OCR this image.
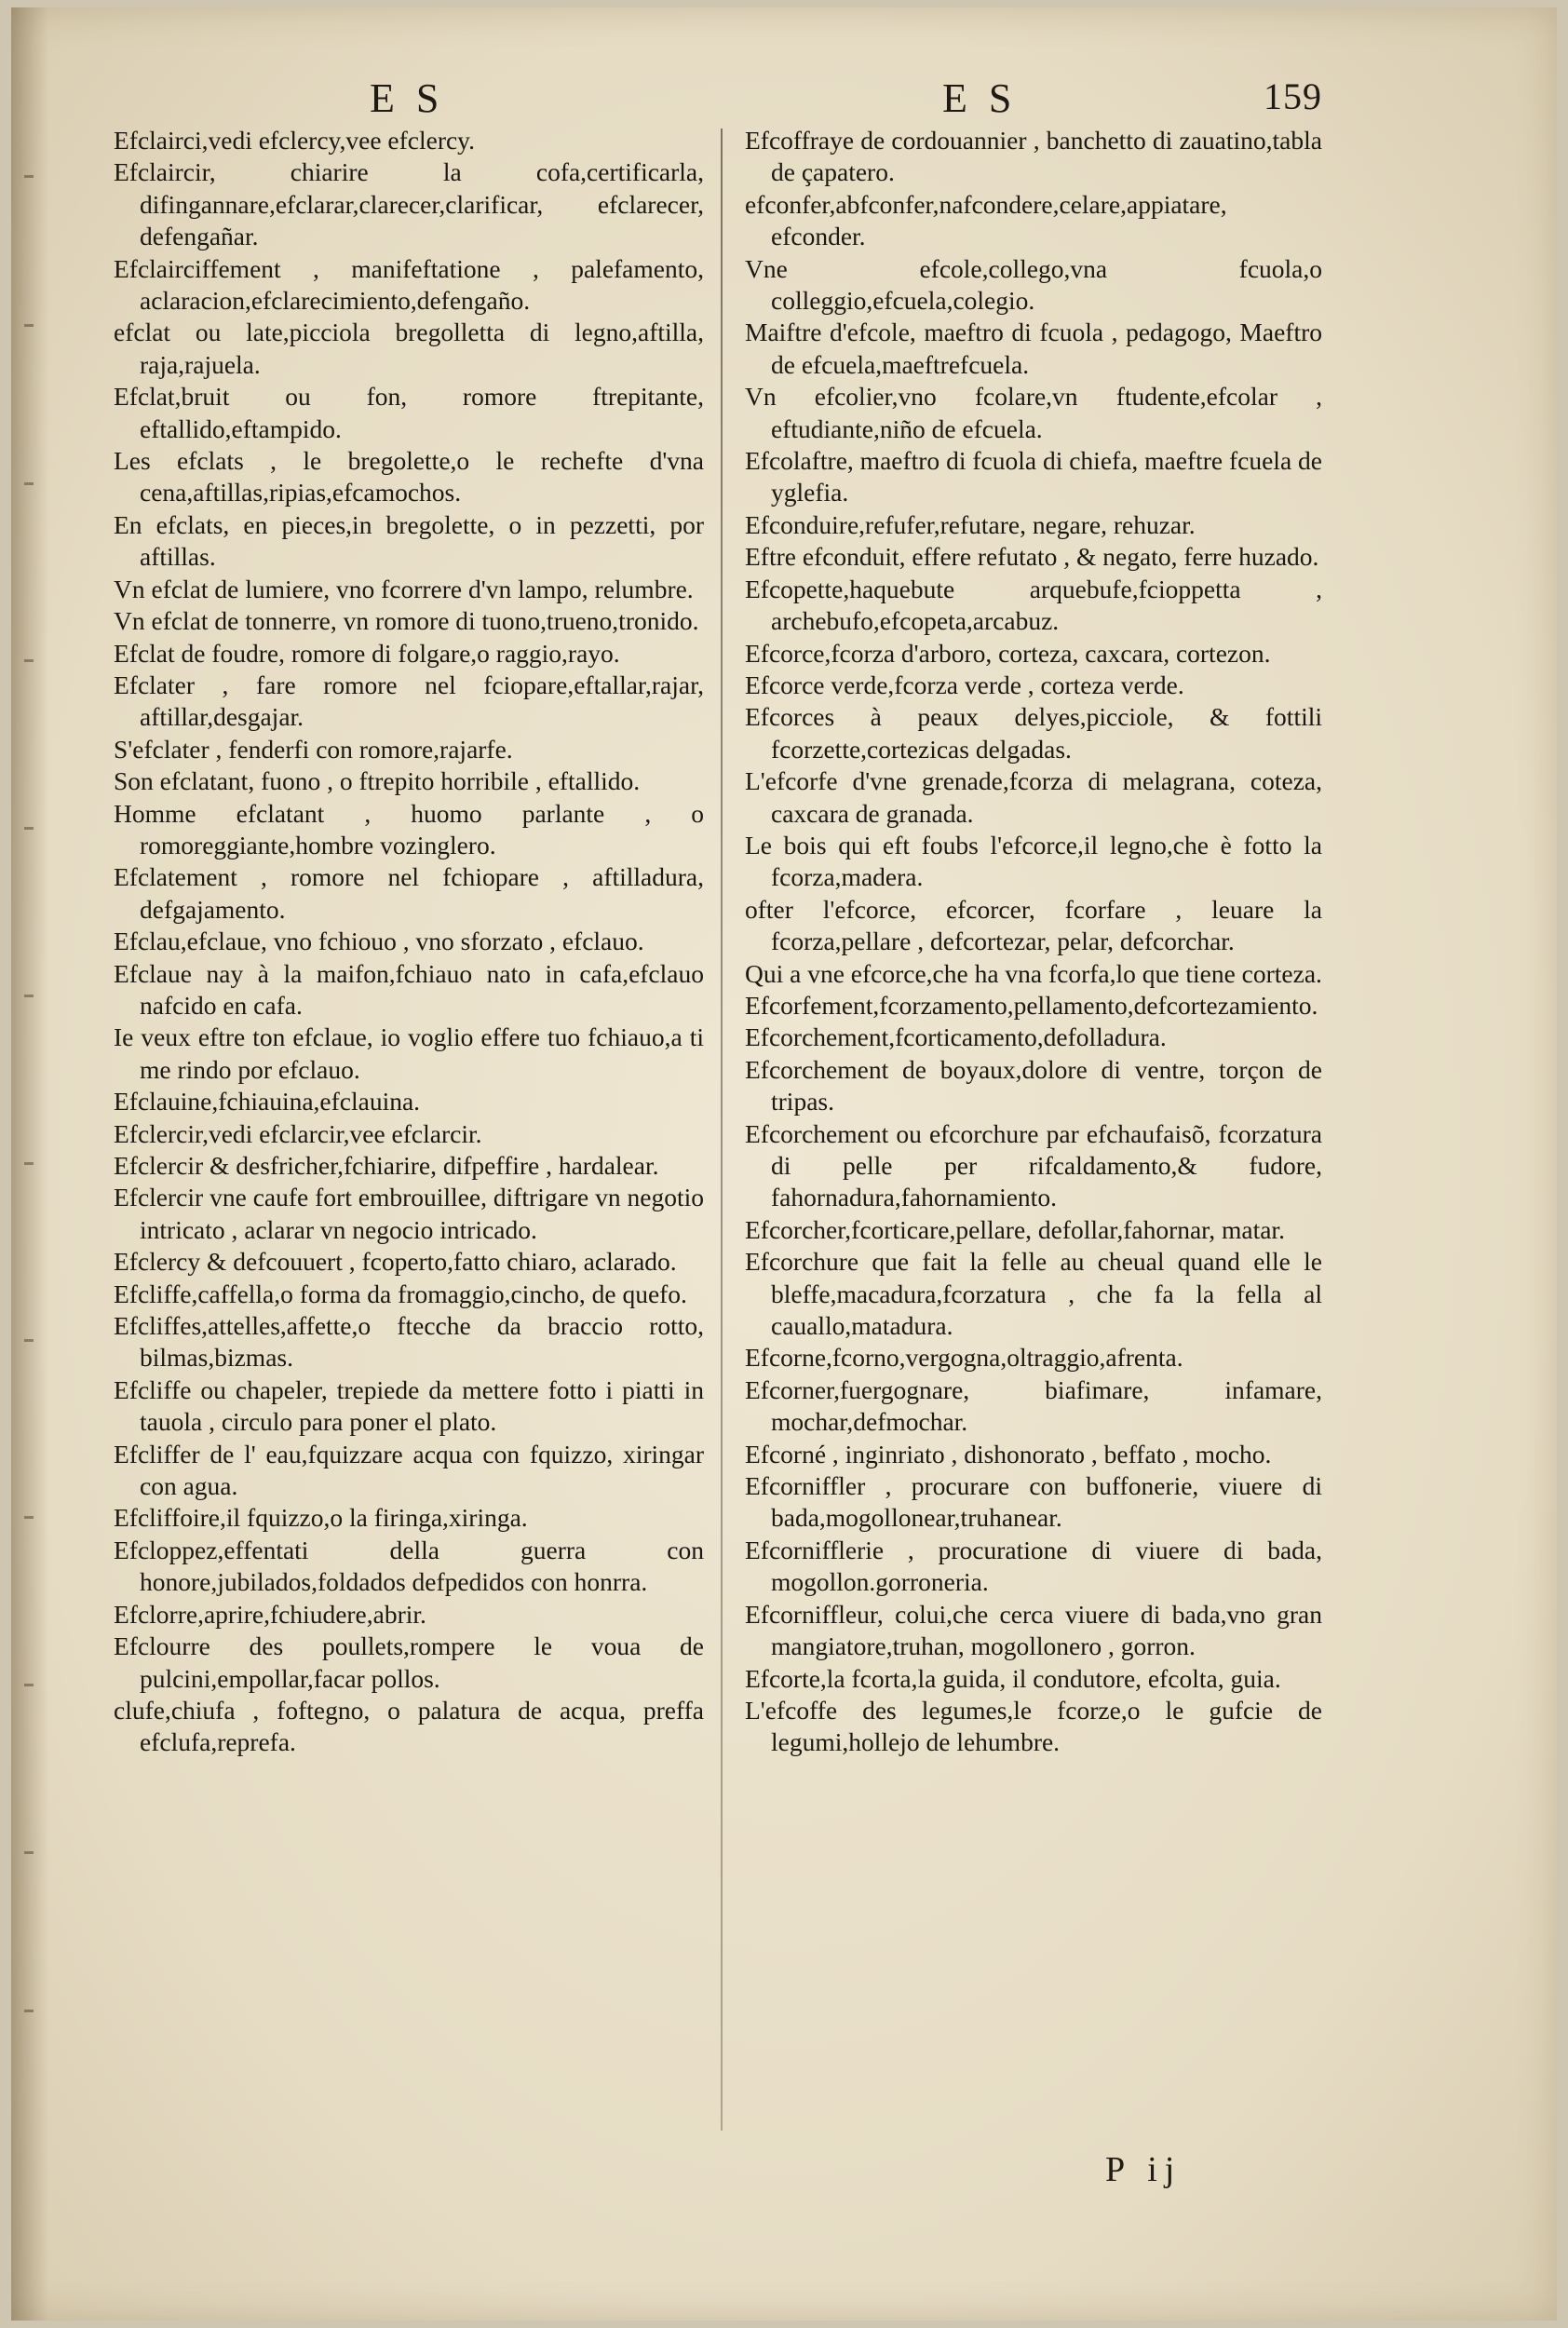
E S	E S	159

Efclairci,vedi efclercy,vee efclercy.

Efclaircir, chiarire la cofa,certificarla, difingannare,efclarar,clarecer,clarificar, efclarecer, defengañar.

Efclairciffement , manifeftatione , palefamento, aclaracion,efclarecimiento,defengaño.

efclat ou late,picciola bregolletta di legno,aftilla, raja,rajuela.

Efclat,bruit ou fon, romore ftrepitante, eftallido,eftampido.

Les efclats , le bregolette,o le rechefte d'vna cena,aftillas,ripias,efcamochos.

En efclats, en pieces,in bregolette, o in pezzetti, por aftillas.

Vn efclat de lumiere, vno fcorrere d'vn lampo, relumbre.

Vn efclat de tonnerre, vn romore di tuono,trueno,tronido.

Efclat de foudre, romore di folgare,o raggio,rayo.

Efclater , fare romore nel fciopare,eftallar,rajar, aftillar,desgajar.

S'efclater , fenderfi con romore,rajarfe.

Son efclatant, fuono , o ftrepito horribile , eftallido.

Homme efclatant , huomo parlante , o romoreggiante,hombre vozinglero.

Efclatement , romore nel fchiopare , aftilladura, defgajamento.

Efclau,efclaue, vno fchiouo , vno sforzato , efclauo.

Efclaue nay à la maifon,fchiauo nato in cafa,efclauo nafcido en cafa.

Ie veux eftre ton efclaue, io voglio effere tuo fchiauo,a ti me rindo por efclauo.

Efclauine,fchiauina,efclauina.

Efclercir,vedi efclarcir,vee efclarcir.

Efclercir & desfricher,fchiarire, difpeffire , hardalear.

Efclercir vne caufe fort embrouillee, diftrigare vn negotio intricato , aclarar vn negocio intricado.

Efclercy & defcouuert , fcoperto,fatto chiaro, aclarado.

Efcliffe,caffella,o forma da fromaggio,cincho, de quefo.

Efcliffes,attelles,affette,o ftecche da braccio rotto, bilmas,bizmas.

Efcliffe ou chapeler, trepiede da mettere fotto i piatti in tauola , circulo para poner el plato.

Efcliffer de l' eau,fquizzare acqua con fquizzo, xiringar con agua.

Efcliffoire,il fquizzo,o la firinga,xiringa.

Efcloppez,effentati della guerra con honore,jubilados,foldados defpedidos con honrra.

Efclorre,aprire,fchiudere,abrir.

Efclourre des poullets,rompere le voua de pulcini,empollar,facar pollos.

clufe,chiufa , foftegno, o palatura de acqua, preffa efclufa,reprefa.

Efcoffraye de cordouannier , banchetto di zauatino,tabla de çapatero.

efconfer,abfconfer,nafcondere,celare,appiatare, efconder.

Vne efcole,collego,vna fcuola,o colleggio,efcuela,colegio.

Maiftre d'efcole, maeftro di fcuola , pedagogo, Maeftro de efcuela,maeftrefcuela.

Vn efcolier,vno fcolare,vn ftudente,efcolar , eftudiante,niño de efcuela.

Efcolaftre, maeftro di fcuola di chiefa, maeftre fcuela de yglefia.

Efconduire,refufer,refutare, negare, rehuzar.

Eftre efconduit, effere refutato , & negato, ferre huzado.

Efcopette,haquebute arquebufe,fcioppetta , archebufo,efcopeta,arcabuz.

Efcorce,fcorza d'arboro, corteza, caxcara, cortezon.

Efcorce verde,fcorza verde , corteza verde.

Efcorces à peaux delyes,picciole, & fottili fcorzette,cortezicas delgadas.

L'efcorfe d'vne grenade,fcorza di melagrana, coteza, caxcara de granada.

Le bois qui eft foubs l'efcorce,il legno,che è fotto la fcorza,madera.

ofter l'efcorce, efcorcer, fcorfare , leuare la fcorza,pellare , defcortezar, pelar, defcorchar.

Qui a vne efcorce,che ha vna fcorfa,lo que tiene corteza.

Efcorfement,fcorzamento,pellamento,defcortezamiento.

Efcorchement,fcorticamento,defolladura.

Efcorchement de boyaux,dolore di ventre, torçon de tripas.

Efcorchement ou efcorchure par efchaufaisõ, fcorzatura di pelle per rifcaldamento,& fudore, fahornadura,fahornamiento.

Efcorcher,fcorticare,pellare, defollar,fahornar, matar.

Efcorchure que fait la felle au cheual quand elle le bleffe,macadura,fcorzatura , che fa la fella al cauallo,matadura.

Efcorne,fcorno,vergogna,oltraggio,afrenta.

Efcorner,fuergognare, biafimare, infamare, mochar,defmochar.

Efcorné , inginriato , dishonorato , beffato , mocho.

Efcorniffler , procurare con buffonerie, viuere di bada,mogollonear,truhanear.

Efcornifflerie , procuratione di viuere di bada, mogollon.gorroneria.

Efcorniffleur, colui,che cerca viuere di bada,vno gran mangiatore,truhan, mogollonero , gorron.

Efcorte,la fcorta,la guida, il condutore, efcolta, guia.

L'efcoffe des legumes,le fcorze,o le gufcie de legumi,hollejo de lehumbre.

P ij
